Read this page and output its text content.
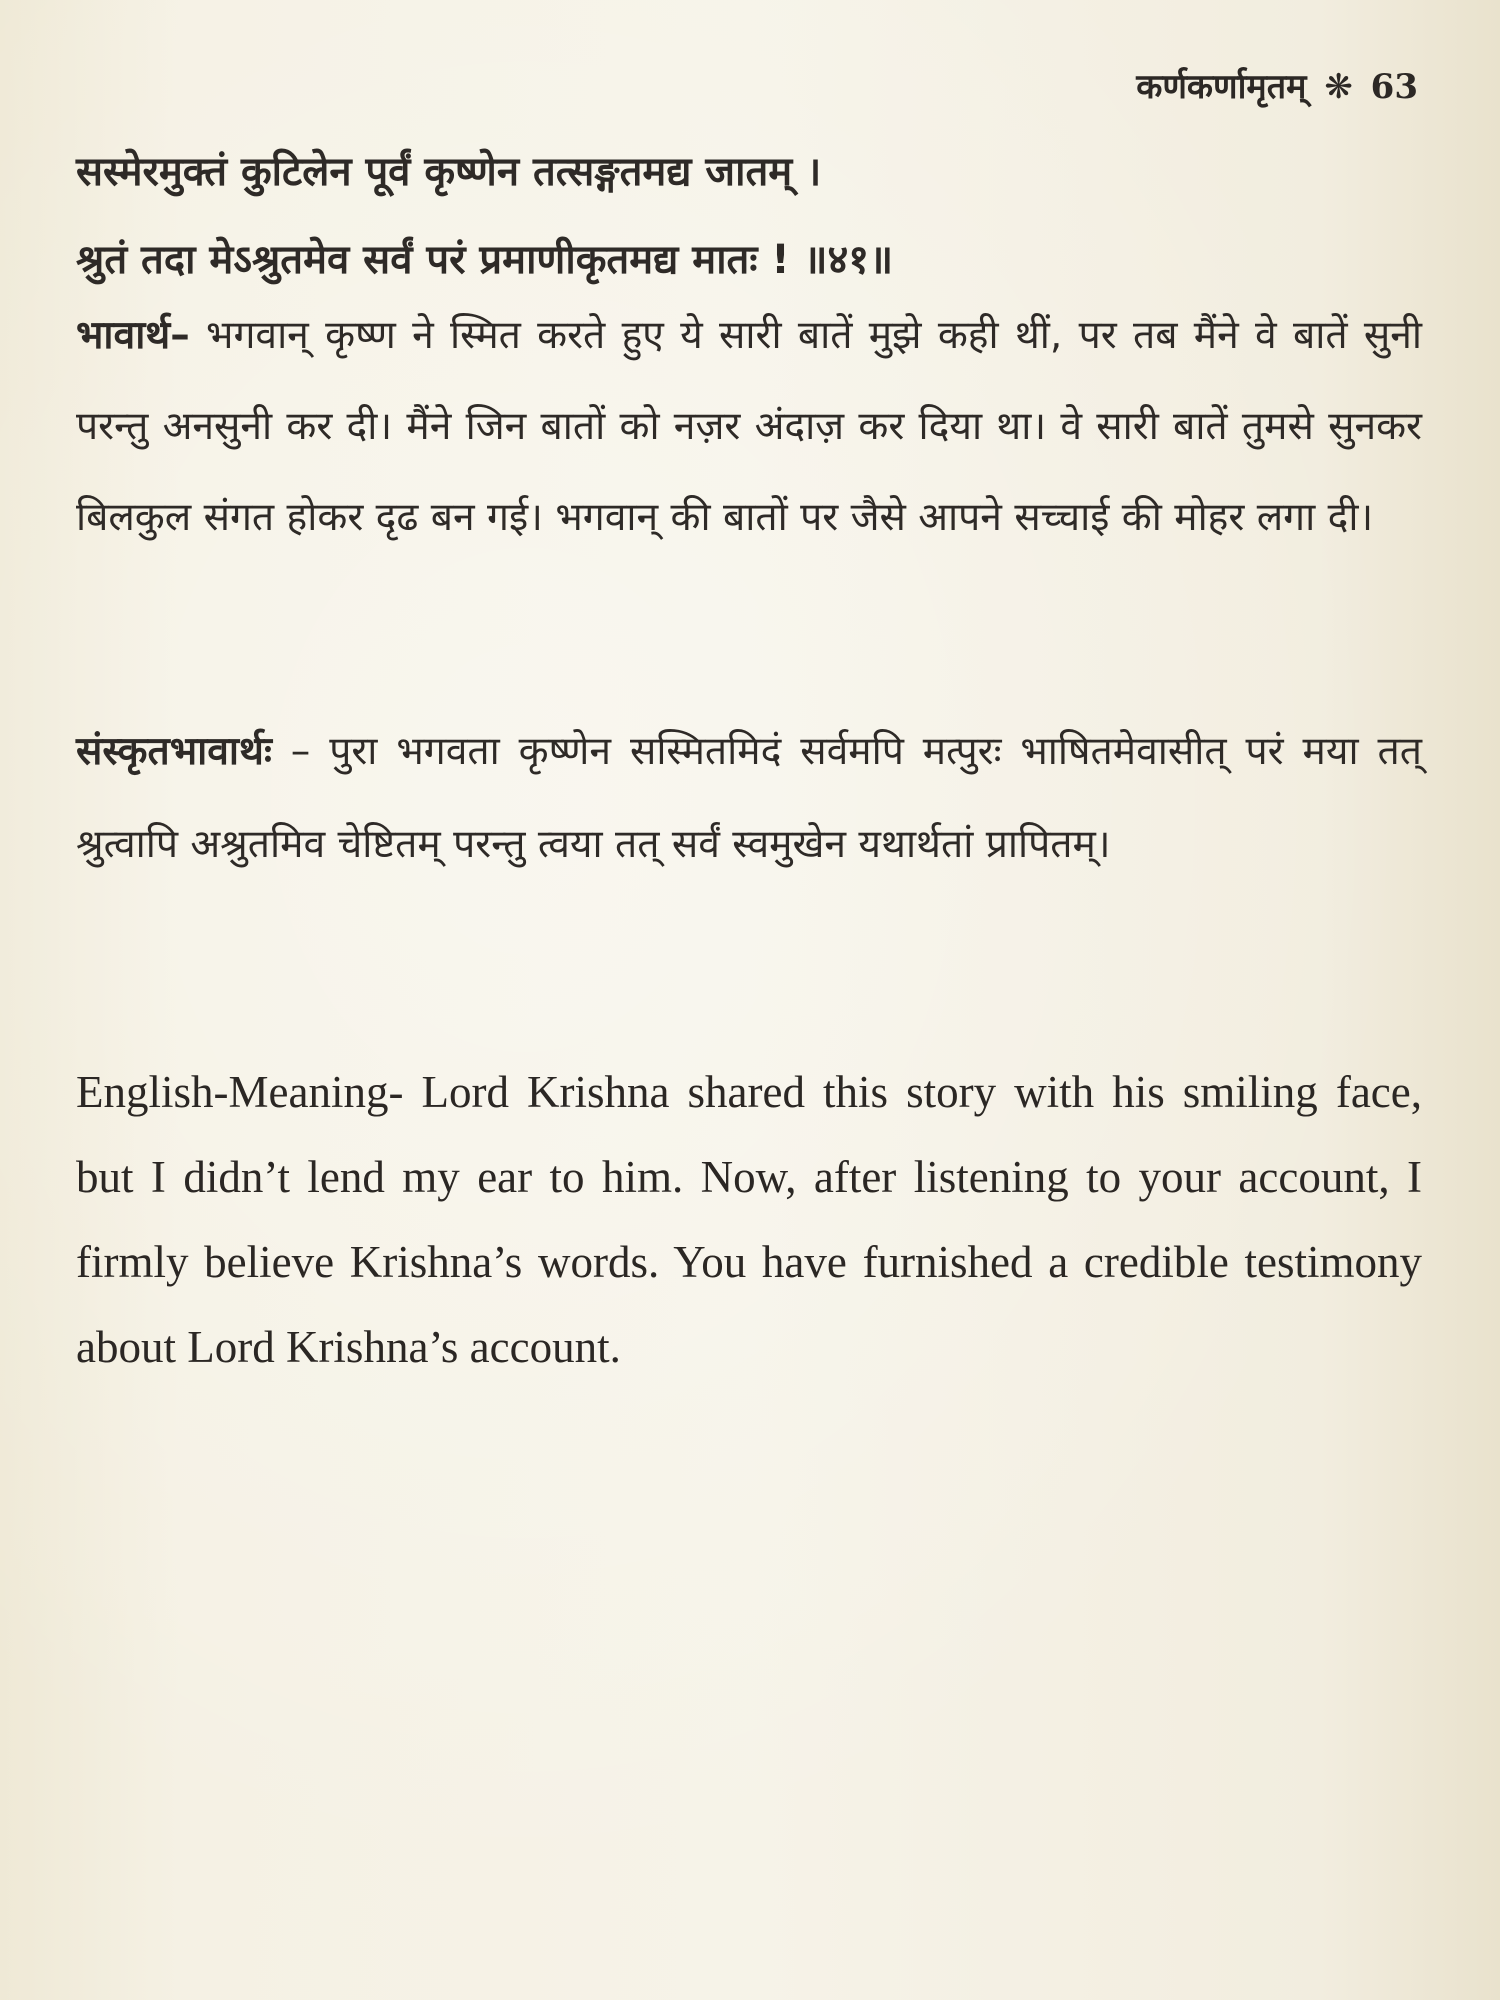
कर्णकर्णामृतम् ❋ 63

सस्मेरमुक्तं कुटिलेन पूर्वं कृष्णेन तत्सङ्गतमद्य जातम् ।

श्रुतं तदा मेऽश्रुतमेव सर्वं परं प्रमाणीकृतमद्य मातः ! ॥४१॥

भावार्थ– भगवान् कृष्ण ने स्मित करते हुए ये सारी बातें मुझे कही थीं, पर तब मैंने वे बातें सुनी परन्तु अनसुनी कर दी। मैंने जिन बातों को नज़र अंदाज़ कर दिया था। वे सारी बातें तुमसे सुनकर बिलकुल संगत होकर दृढ बन गई। भगवान् की बातों पर जैसे आपने सच्चाई की मोहर लगा दी।

संस्कृतभावार्थः – पुरा भगवता कृष्णेन सस्मितमिदं सर्वमपि मत्पुरः भाषितमेवासीत् परं मया तत् श्रुत्वापि अश्रुतमिव चेष्टितम् परन्तु त्वया तत् सर्वं स्वमुखेन यथार्थतां प्रापितम्।

English-Meaning- Lord Krishna shared this story with his smiling face, but I didn’t lend my ear to him. Now, after listening to your account, I firmly believe Krishna’s words. You have furnished a credible testimony about Lord Krishna’s account.
